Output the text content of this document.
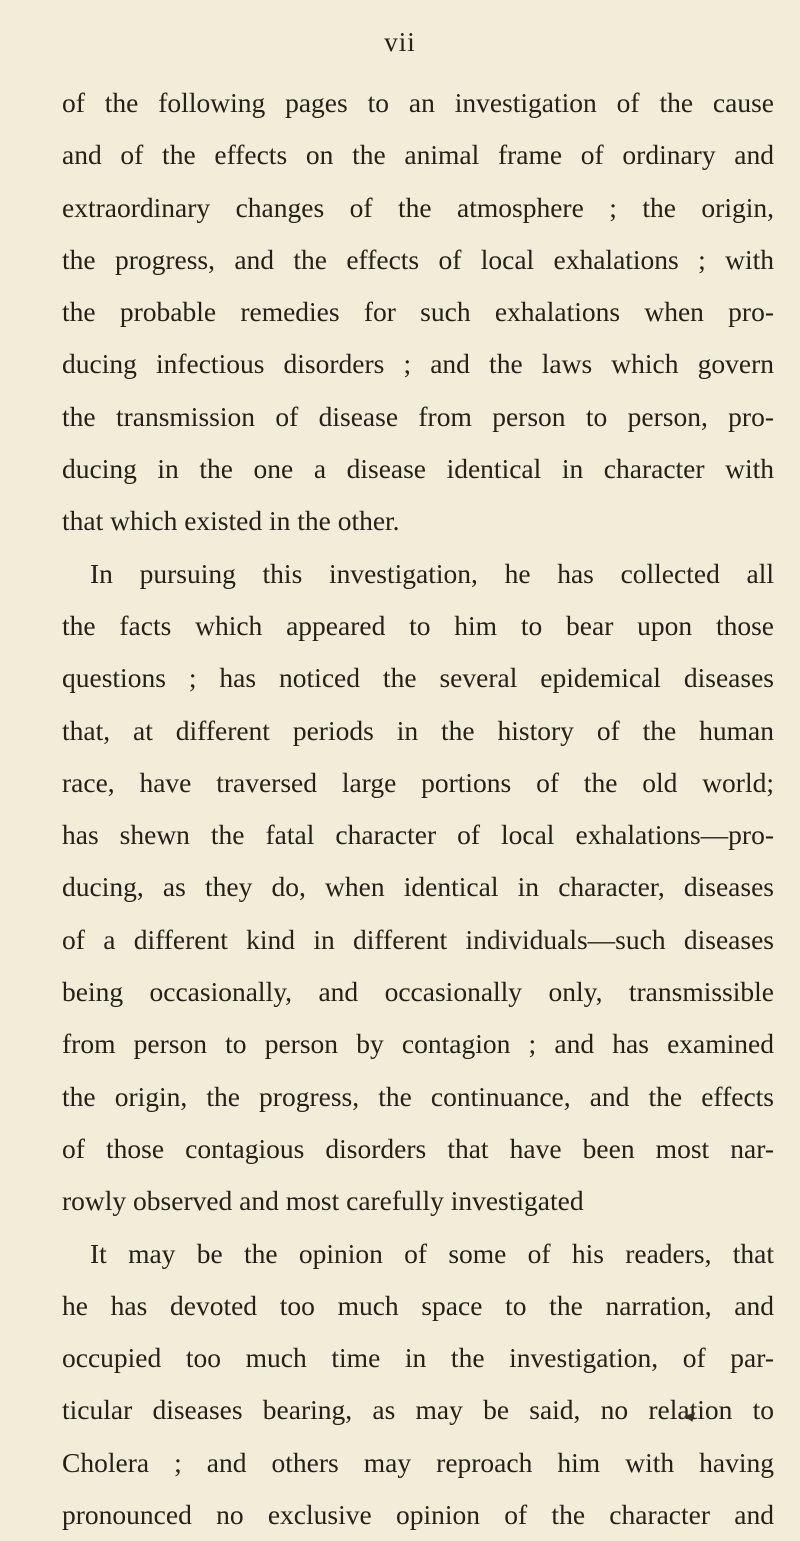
vii
of the following pages to an investigation of the cause
and of the effects on the animal frame of ordinary and
extraordinary changes of the atmosphere ; the origin,
the progress, and the effects of local exhalations ; with
the probable remedies for such exhalations when pro-
ducing infectious disorders ; and the laws which govern
the transmission of disease from person to person, pro-
ducing in the one a disease identical in character with
that which existed in the other.
In pursuing this investigation, he has collected all
the facts which appeared to him to bear upon those
questions ; has noticed the several epidemical diseases
that, at different periods in the history of the human
race, have traversed large portions of the old world;
has shewn the fatal character of local exhalations—pro-
ducing, as they do, when identical in character, diseases
of a different kind in different individuals—such diseases
being occasionally, and occasionally only, transmissible
from person to person by contagion ; and has examined
the origin, the progress, the continuance, and the effects
of those contagious disorders that have been most nar-
rowly observed and most carefully investigated
It may be the opinion of some of his readers, that
he has devoted too much space to the narration, and
occupied too much time in the investigation, of par-
ticular diseases bearing, as may be said, no relation to
Cholera ; and others may reproach him with having
pronounced no exclusive opinion of the character and
